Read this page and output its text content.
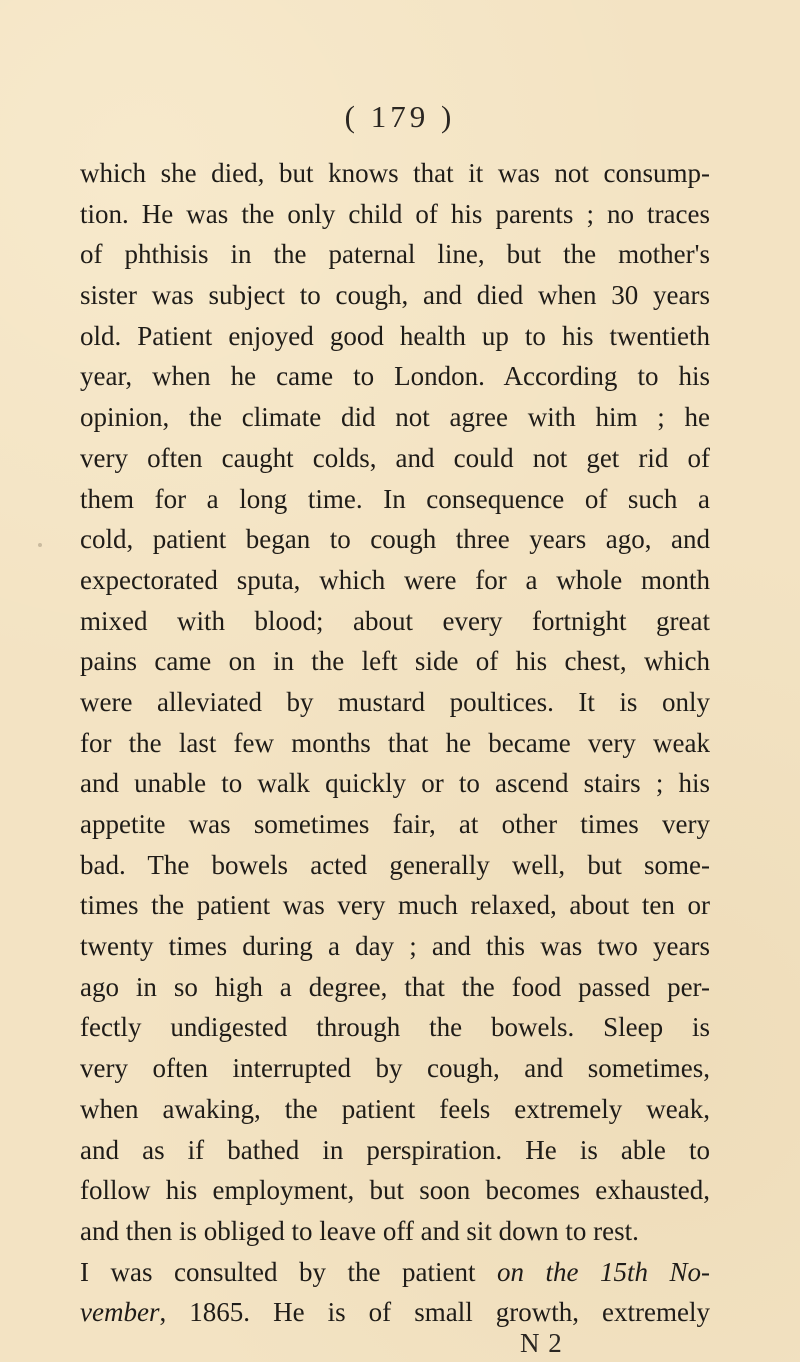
( 179 )
which she died, but knows that it was not consump-
tion. He was the only child of his parents ; no traces
of phthisis in the paternal line, but the mother's
sister was subject to cough, and died when 30 years
old. Patient enjoyed good health up to his twentieth
year, when he came to London. According to his
opinion, the climate did not agree with him ; he
very often caught colds, and could not get rid of
them for a long time. In consequence of such a
cold, patient began to cough three years ago, and
expectorated sputa, which were for a whole month
mixed with blood; about every fortnight great
pains came on in the left side of his chest, which
were alleviated by mustard poultices. It is only
for the last few months that he became very weak
and unable to walk quickly or to ascend stairs ; his
appetite was sometimes fair, at other times very
bad. The bowels acted generally well, but some-
times the patient was very much relaxed, about ten or
twenty times during a day ; and this was two years
ago in so high a degree, that the food passed per-
fectly undigested through the bowels. Sleep is
very often interrupted by cough, and sometimes,
when awaking, the patient feels extremely weak,
and as if bathed in perspiration. He is able to
follow his employment, but soon becomes exhausted,
and then is obliged to leave off and sit down to rest.
I was consulted by the patient on the 15th No-
vember, 1865. He is of small growth, extremely
N 2
